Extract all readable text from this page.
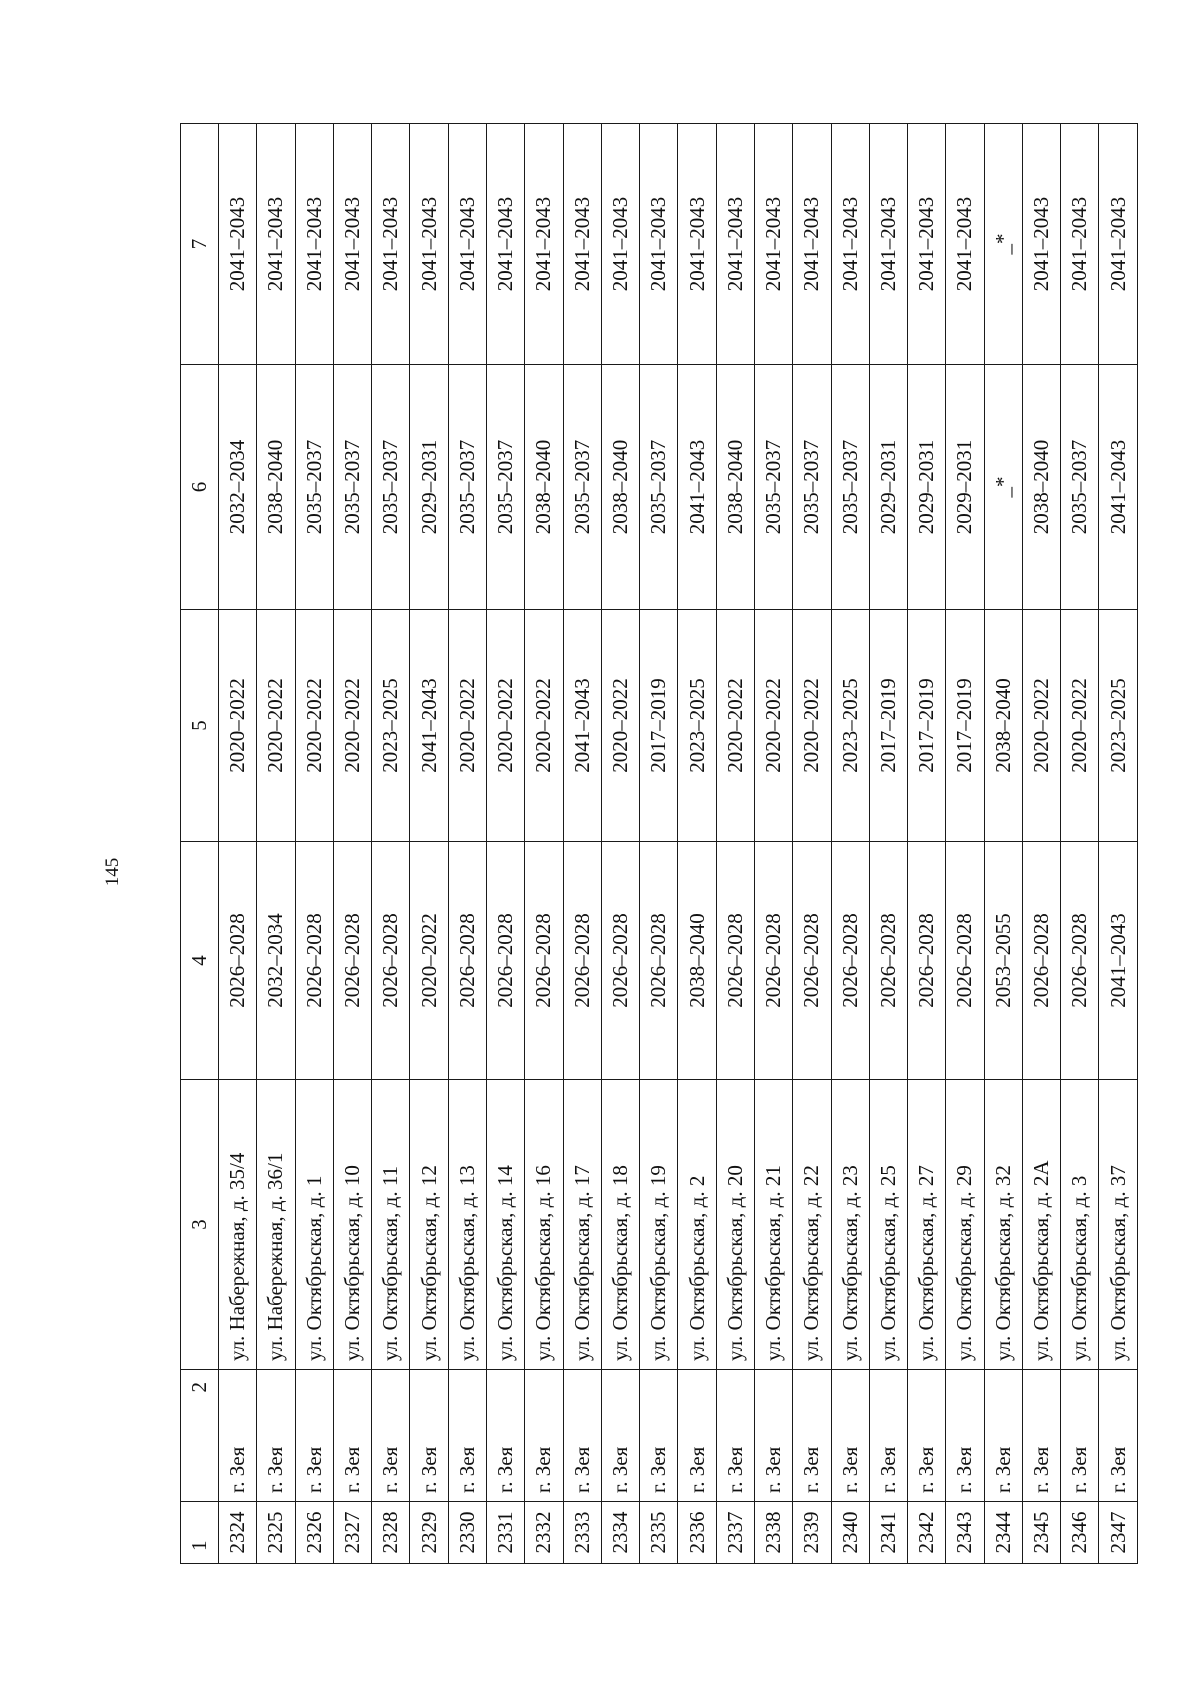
145
1	2	3	4	5	6	7
2324	г. Зея	ул. Набережная, д. 35/4	2026–2028	2020–2022	2032–2034	2041–2043
2325	г. Зея	ул. Набережная, д. 36/1	2032–2034	2020–2022	2038–2040	2041–2043
2326	г. Зея	ул. Октябрьская, д. 1	2026–2028	2020–2022	2035–2037	2041–2043
2327	г. Зея	ул. Октябрьская, д. 10	2026–2028	2020–2022	2035–2037	2041–2043
2328	г. Зея	ул. Октябрьская, д. 11	2026–2028	2023–2025	2035–2037	2041–2043
2329	г. Зея	ул. Октябрьская, д. 12	2020–2022	2041–2043	2029–2031	2041–2043
2330	г. Зея	ул. Октябрьская, д. 13	2026–2028	2020–2022	2035–2037	2041–2043
2331	г. Зея	ул. Октябрьская, д. 14	2026–2028	2020–2022	2035–2037	2041–2043
2332	г. Зея	ул. Октябрьская, д. 16	2026–2028	2020–2022	2038–2040	2041–2043
2333	г. Зея	ул. Октябрьская, д. 17	2026–2028	2041–2043	2035–2037	2041–2043
2334	г. Зея	ул. Октябрьская, д. 18	2026–2028	2020–2022	2038–2040	2041–2043
2335	г. Зея	ул. Октябрьская, д. 19	2026–2028	2017–2019	2035–2037	2041–2043
2336	г. Зея	ул. Октябрьская, д. 2	2038–2040	2023–2025	2041–2043	2041–2043
2337	г. Зея	ул. Октябрьская, д. 20	2026–2028	2020–2022	2038–2040	2041–2043
2338	г. Зея	ул. Октябрьская, д. 21	2026–2028	2020–2022	2035–2037	2041–2043
2339	г. Зея	ул. Октябрьская, д. 22	2026–2028	2020–2022	2035–2037	2041–2043
2340	г. Зея	ул. Октябрьская, д. 23	2026–2028	2023–2025	2035–2037	2041–2043
2341	г. Зея	ул. Октябрьская, д. 25	2026–2028	2017–2019	2029–2031	2041–2043
2342	г. Зея	ул. Октябрьская, д. 27	2026–2028	2017–2019	2029–2031	2041–2043
2343	г. Зея	ул. Октябрьская, д. 29	2026–2028	2017–2019	2029–2031	2041–2043
2344	г. Зея	ул. Октябрьская, д. 32	2053–2055	2038–2040	_*	_*
2345	г. Зея	ул. Октябрьская, д. 2А	2026–2028	2020–2022	2038–2040	2041–2043
2346	г. Зея	ул. Октябрьская, д. 3	2026–2028	2020–2022	2035–2037	2041–2043
2347	г. Зея	ул. Октябрьская, д. 37	2041–2043	2023–2025	2041–2043	2041–2043
